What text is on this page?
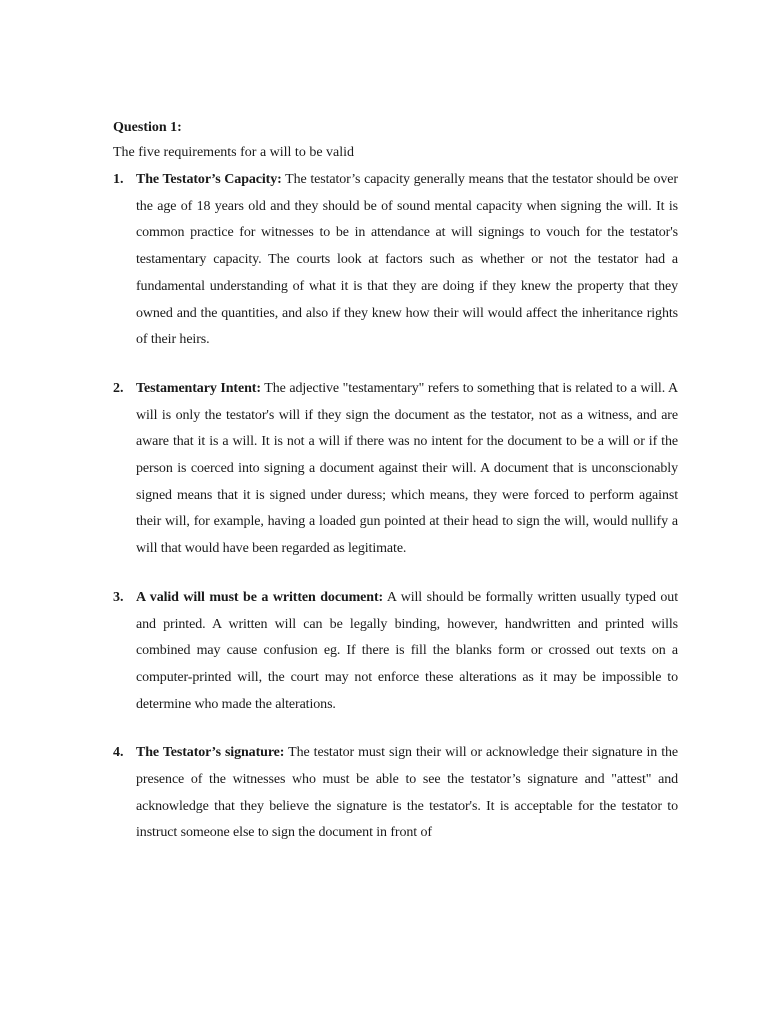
Question 1:

The five requirements for a will to be valid

1. The Testator’s Capacity: The testator’s capacity generally means that the testator should be over the age of 18 years old and they should be of sound mental capacity when signing the will. It is common practice for witnesses to be in attendance at will signings to vouch for the testator's testamentary capacity. The courts look at factors such as whether or not the testator had a fundamental understanding of what it is that they are doing if they knew the property that they owned and the quantities, and also if they knew how their will would affect the inheritance rights of their heirs.
2. Testamentary Intent: The adjective "testamentary" refers to something that is related to a will. A will is only the testator's will if they sign the document as the testator, not as a witness, and are aware that it is a will. It is not a will if there was no intent for the document to be a will or if the person is coerced into signing a document against their will. A document that is unconscionably signed means that it is signed under duress; which means, they were forced to perform against their will, for example, having a loaded gun pointed at their head to sign the will, would nullify a will that would have been regarded as legitimate.
3. A valid will must be a written document: A will should be formally written usually typed out and printed. A written will can be legally binding, however, handwritten and printed wills combined may cause confusion eg. If there is fill the blanks form or crossed out texts on a computer-printed will, the court may not enforce these alterations as it may be impossible to determine who made the alterations.
4. The Testator’s signature: The testator must sign their will or acknowledge their signature in the presence of the witnesses who must be able to see the testator’s signature and "attest" and acknowledge that they believe the signature is the testator's. It is acceptable for the testator to instruct someone else to sign the document in front of
